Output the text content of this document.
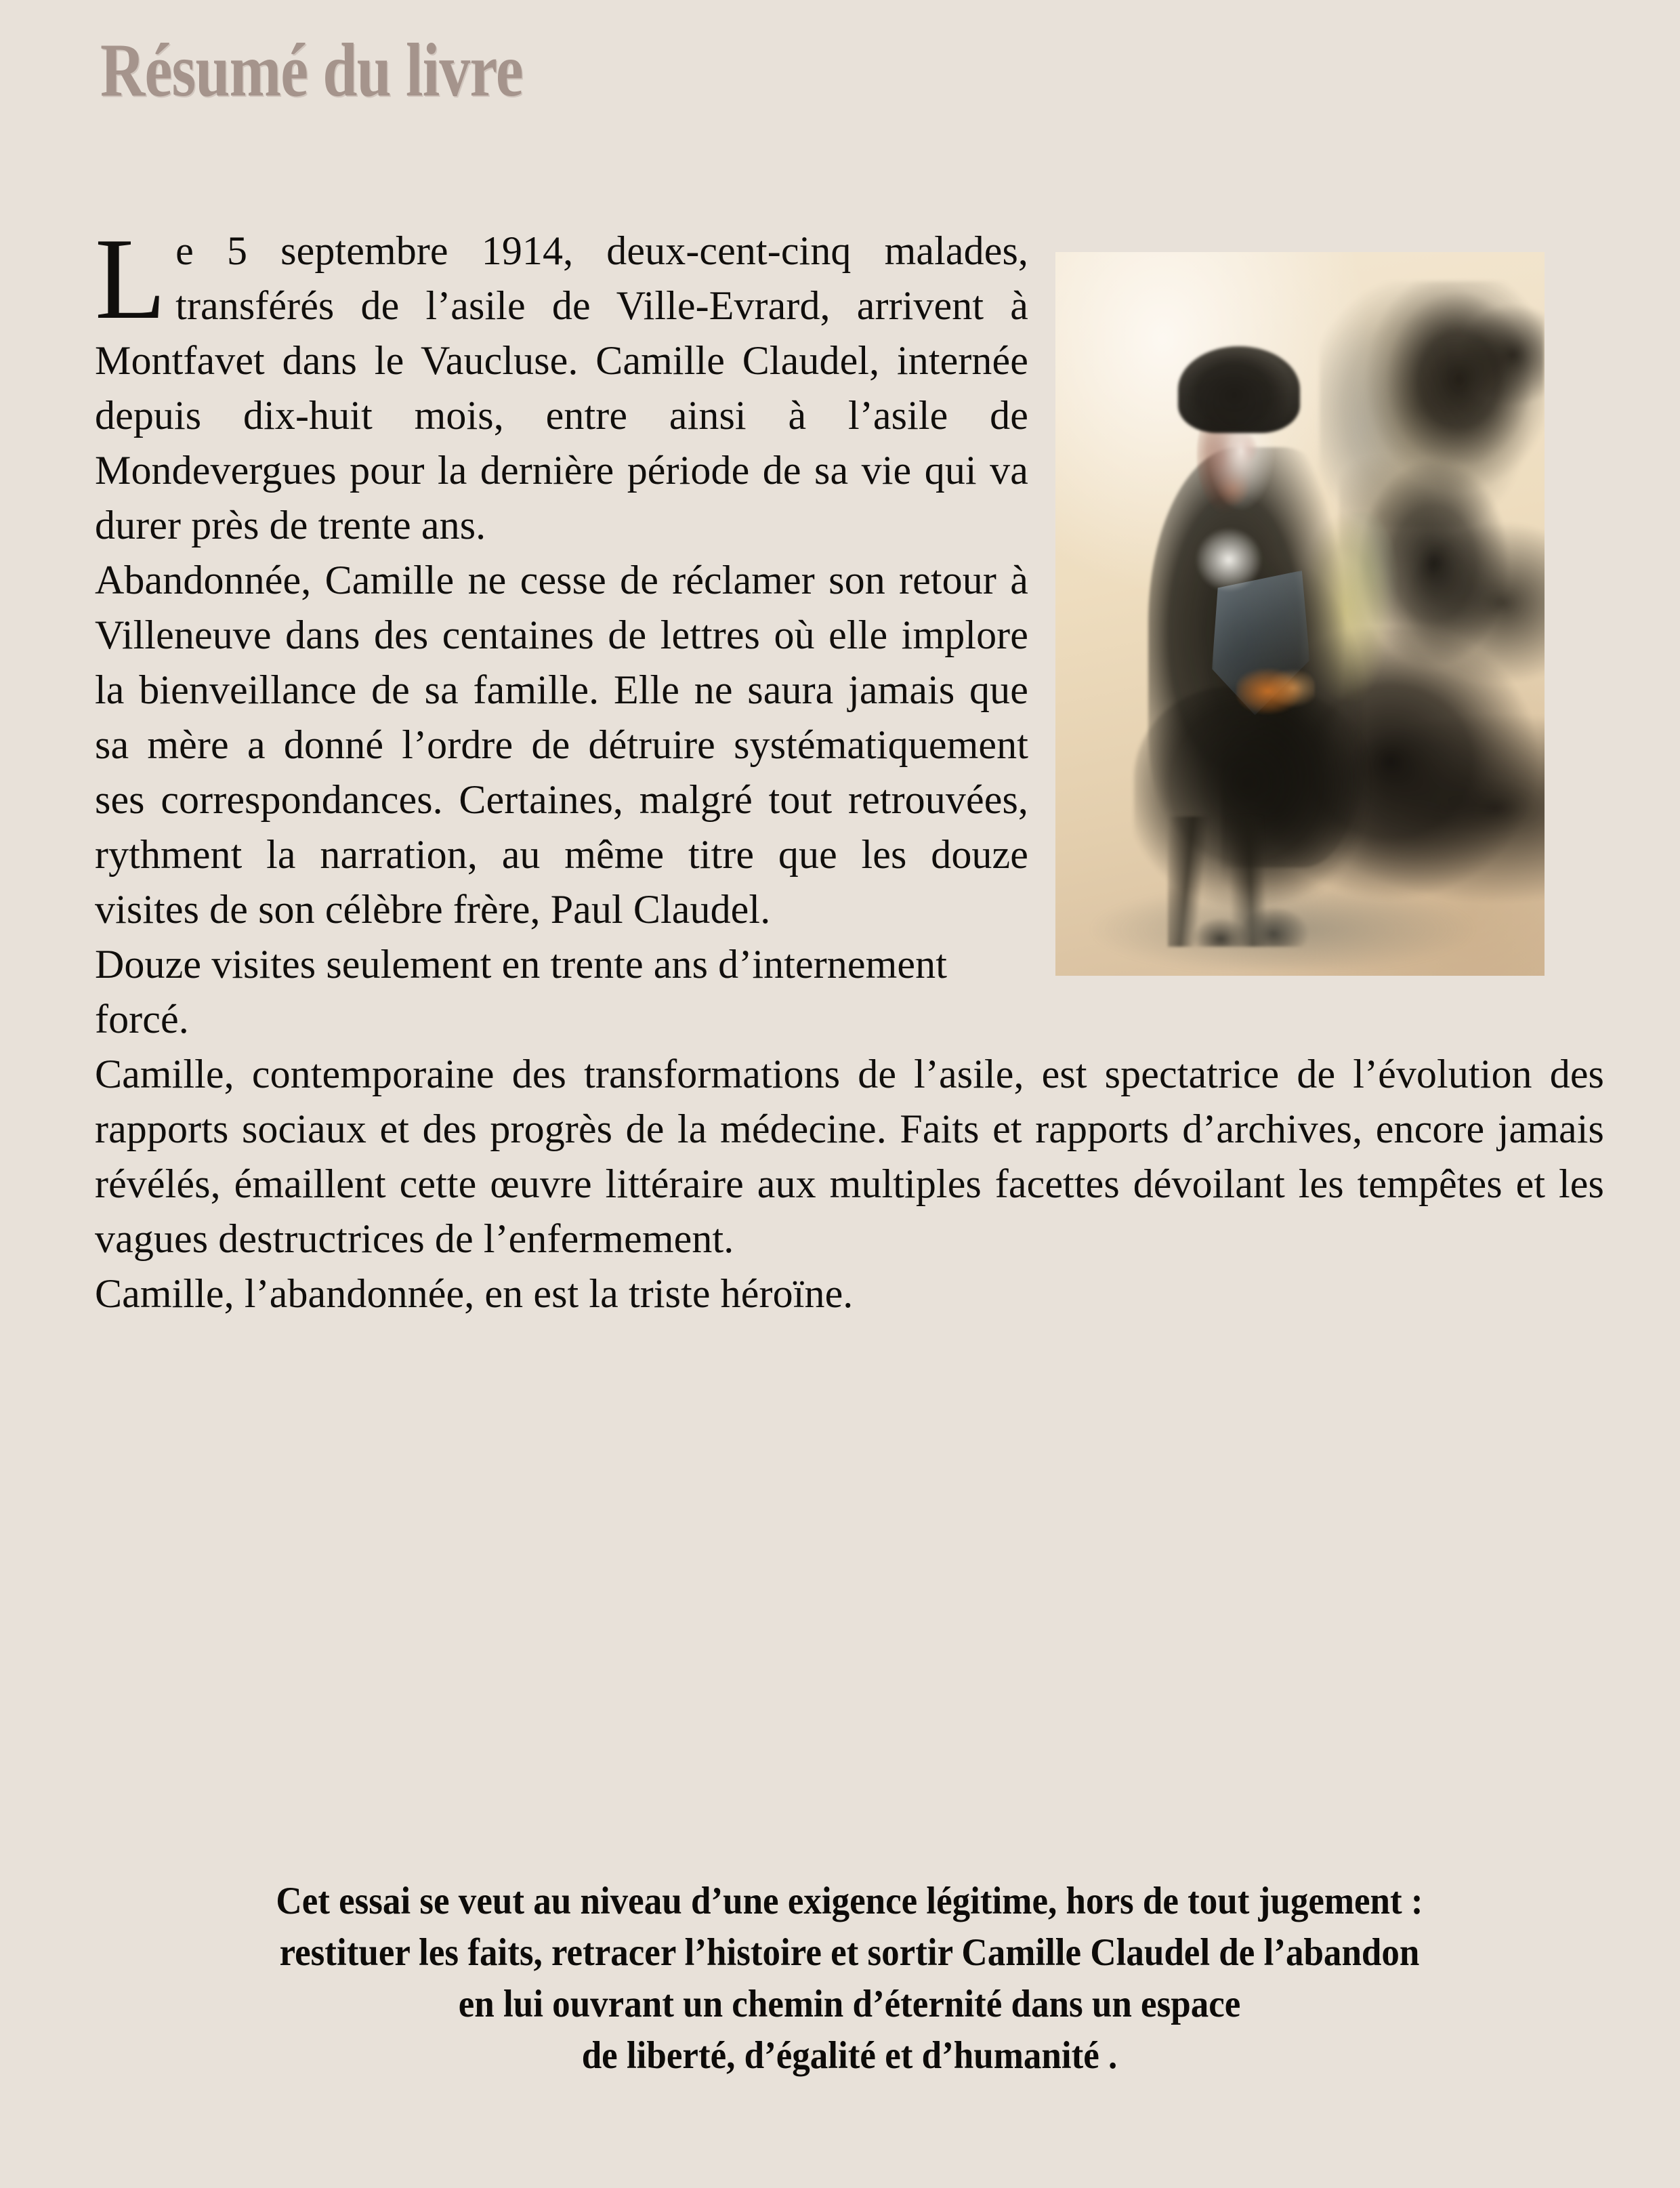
Résumé du livre

Le 5 septembre 1914, deux-cent-cinq malades, transférés de l’asile de Ville-Evrard, arrivent à Montfavet dans le Vaucluse. Camille Claudel, internée depuis dix-huit mois, entre ainsi à l’asile de Mondevergues pour la dernière période de sa vie qui va durer près de trente ans.

Abandonnée, Camille ne cesse de réclamer son retour à Villeneuve dans des centaines de lettres où elle implore la bienveillance de sa famille. Elle ne saura jamais que sa mère a donné l’ordre de détruire systématiquement ses correspondances. Certaines, malgré tout retrouvées, rythment la narration, au même titre que les douze visites de son célèbre frère, Paul Claudel.

Douze visites seulement en trente ans d’internement forcé.

Camille, contemporaine des transformations de l’asile, est spectatrice de l’évolution des rapports sociaux et des progrès de la médecine. Faits et rapports d’archives, encore jamais révélés, émaillent cette œuvre littéraire aux multiples facettes dévoilant les tempêtes et les vagues destructrices de l’enfermement.

Camille, l’abandonnée, en est la triste héroïne.

Cet essai se veut au niveau d’une exigence légitime, hors de tout jugement :
restituer les faits, retracer l’histoire et sortir Camille Claudel de l’abandon
en lui ouvrant un chemin d’éternité dans un espace
de liberté, d’égalité et d’humanité .
